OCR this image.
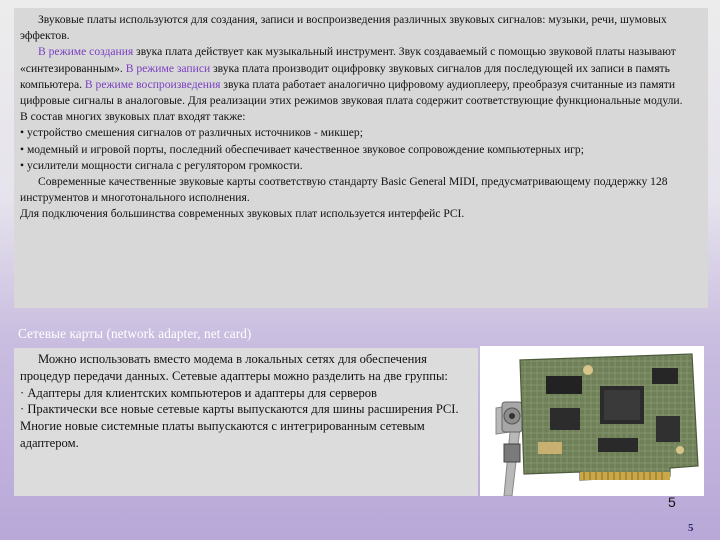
Звуковые платы используются для создания, записи и воспроизведения различных звуковых сигналов: музыки, речи, шумовых эффектов.

В режиме создания звука плата действует как музыкальный инструмент. Звук создаваемый с помощью звуковой платы называют «синтезированным». В режиме записи звука плата производит оцифровку звуковых сигналов для последующей их записи в память компьютера. В режиме воспроизведения звука плата работает аналогично цифровому аудиоплееру, преобразуя считанные из памяти цифровые сигналы в аналоговые. Для реализации этих режимов звуковая плата содержит соответствующие функциональные модули.

В состав многих звуковых плат входят также:

• устройство смешения сигналов от различных источников - микшер;

• модемный и игровой порты, последний обеспечивает качественное звуковое сопровождение компьютерных игр;

• усилители мощности сигнала с регулятором громкости.

Современные качественные звуковые карты соответствую стандарту Basic General MIDI, предусматривающему поддержку 128 инструментов и многотонального исполнения.

Для подключения большинства современных звуковых плат используется интерфейс PCI.

Сетевые карты (network adapter, net card)

Можно использовать вместо модема в локальных сетях для обеспечения процедур передачи данных. Сетевые адаптеры можно разделить на две группы:

· Адаптеры для клиентских компьютеров и адаптеры для серверов

· Практически все новые сетевые карты выпускаются для шины расширения PCI. Многие новые системные платы выпускаются с интегрированным сетевым адаптером.

5
5
